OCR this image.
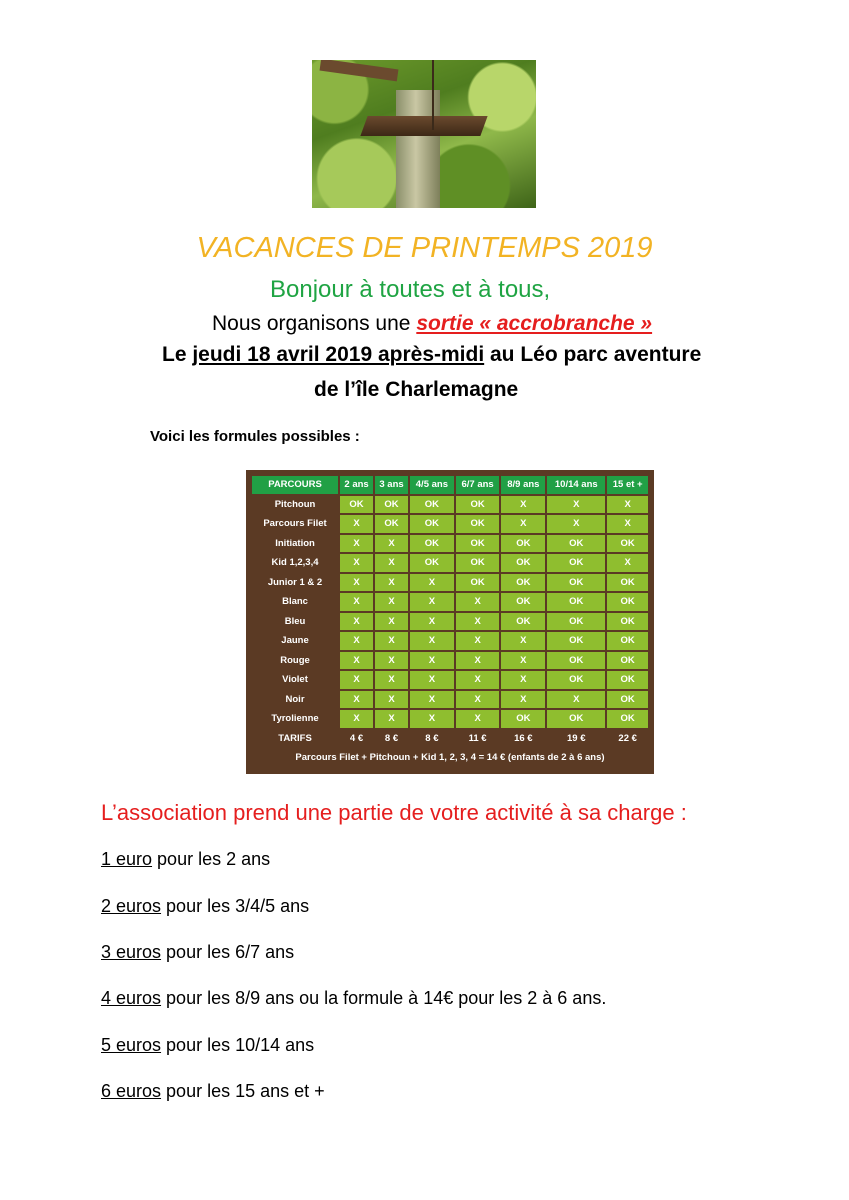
VACANCES DE PRINTEMPS 2019
Bonjour à toutes et à tous,
Nous organisons une sortie « accrobranche »
Le jeudi 18 avril 2019 après-midi au Léo parc aventure
de l’île Charlemagne
Voici les formules possibles :
PARCOURS	2 ans	3 ans	4/5 ans	6/7 ans	8/9 ans	10/14 ans	15 et +
Pitchoun	OK	OK	OK	OK	X	X	X
Parcours Filet	X	OK	OK	OK	X	X	X
Initiation	X	X	OK	OK	OK	OK	OK
Kid 1,2,3,4	X	X	OK	OK	OK	OK	X
Junior 1 & 2	X	X	X	OK	OK	OK	OK
Blanc	X	X	X	X	OK	OK	OK
Bleu	X	X	X	X	OK	OK	OK
Jaune	X	X	X	X	X	OK	OK
Rouge	X	X	X	X	X	OK	OK
Violet	X	X	X	X	X	OK	OK
Noir	X	X	X	X	X	X	OK
Tyrolienne	X	X	X	X	OK	OK	OK
TARIFS	4 €	8 €	8 €	11 €	16 €	19 €	22 €
Parcours Filet + Pitchoun + Kid 1, 2, 3, 4 = 14 € (enfants de 2 à 6 ans)							
L’association prend une partie de votre activité à sa charge :
1 euro pour les 2 ans
2 euros pour les 3/4/5 ans
3 euros pour les 6/7 ans
4 euros pour les 8/9 ans ou la formule à 14€ pour les 2 à 6 ans.
5 euros pour les 10/14 ans
6 euros pour les 15 ans et +
